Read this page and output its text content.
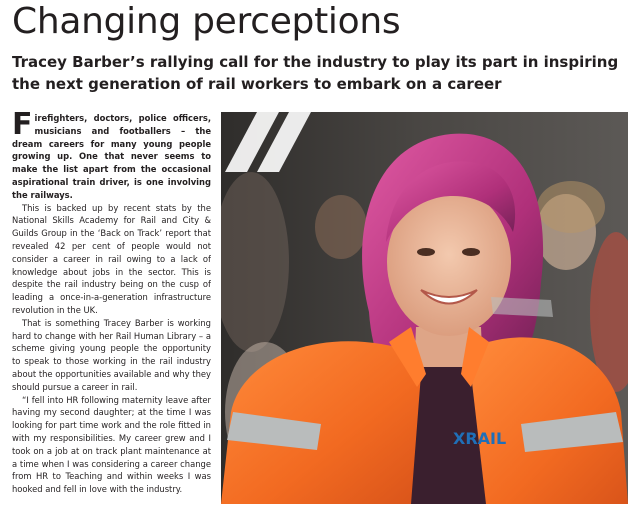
Changing perceptions
Tracey Barber’s rallying call for the industry to play its part in inspiring the next generation of rail workers to embark on a career

Firefighters, doctors, police officers, musicians and footballers – the dream careers for many young people growing up. One that never seems to make the list apart from the occasional aspirational train driver, is one involving the railways.

This is backed up by recent stats by the National Skills Academy for Rail and City & Guilds Group in the ‘Back on Track’ report that revealed 42 per cent of people would not consider a career in rail owing to a lack of knowledge about jobs in the sector. This is despite the rail industry being on the cusp of leading a once-in-a-generation infrastructure revolution in the UK.

That is something Tracey Barber is working hard to change with her Rail Human Library – a scheme giving young people the opportunity to speak to those working in the rail industry about the opportunities available and why they should pursue a career in rail.

“I fell into HR following maternity leave after having my second daughter; at the time I was looking for part time work and the role fitted in with my responsibilities. My career grew and I took on a job at on track plant maintenance at a time when I was considering a career change from HR to Teaching and within weeks I was hooked and fell in love with the industry.

XRAIL
